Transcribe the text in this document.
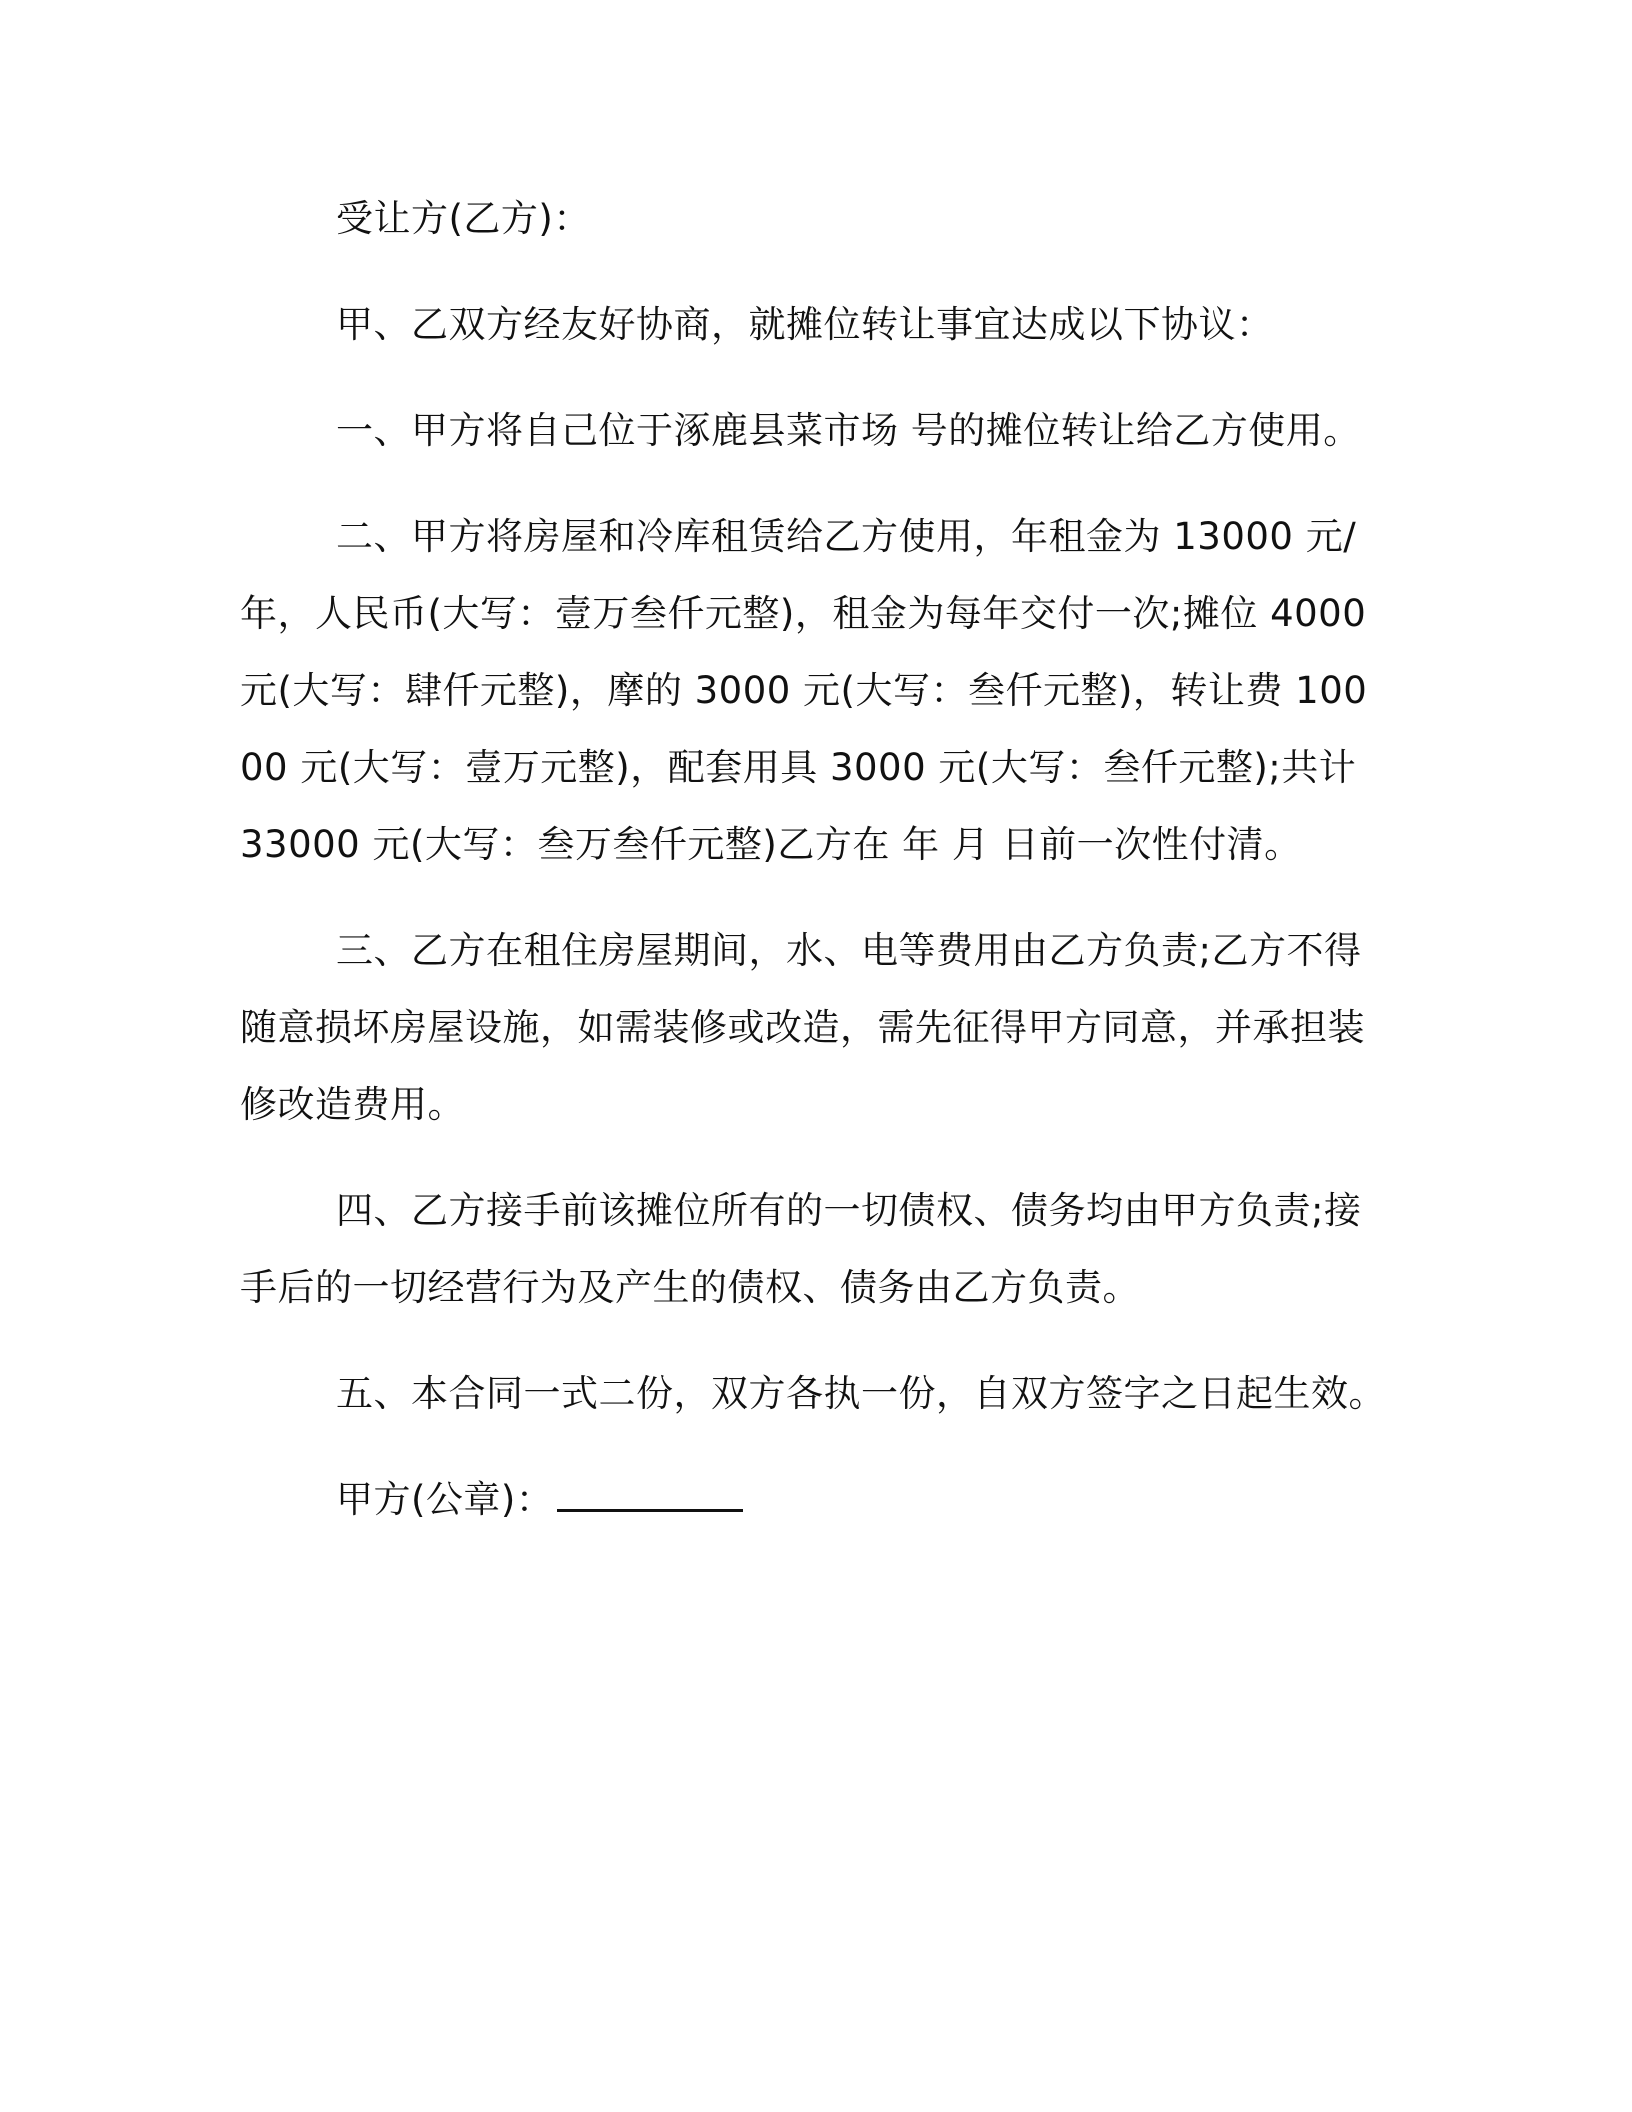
受让方(乙方)：

甲、乙双方经友好协商，就摊位转让事宜达成以下协议：

一、甲方将自己位于涿鹿县菜市场 号的摊位转让给乙方使用。

二、甲方将房屋和冷库租赁给乙方使用，年租金为 13000 元/年，人民币(大写：壹万叁仟元整)，租金为每年交付一次;摊位 4000 元(大写：肆仟元整)，摩的 3000 元(大写：叁仟元整)，转让费 10000 元(大写：壹万元整)，配套用具 3000 元(大写：叁仟元整);共计 33000 元(大写：叁万叁仟元整)乙方在 年 月 日前一次性付清。

三、乙方在租住房屋期间，水、电等费用由乙方负责;乙方不得随意损坏房屋设施，如需装修或改造，需先征得甲方同意，并承担装修改造费用。

四、乙方接手前该摊位所有的一切债权、债务均由甲方负责;接手后的一切经营行为及产生的债权、债务由乙方负责。

五、本合同一式二份，双方各执一份，自双方签字之日起生效。

甲方(公章)：
